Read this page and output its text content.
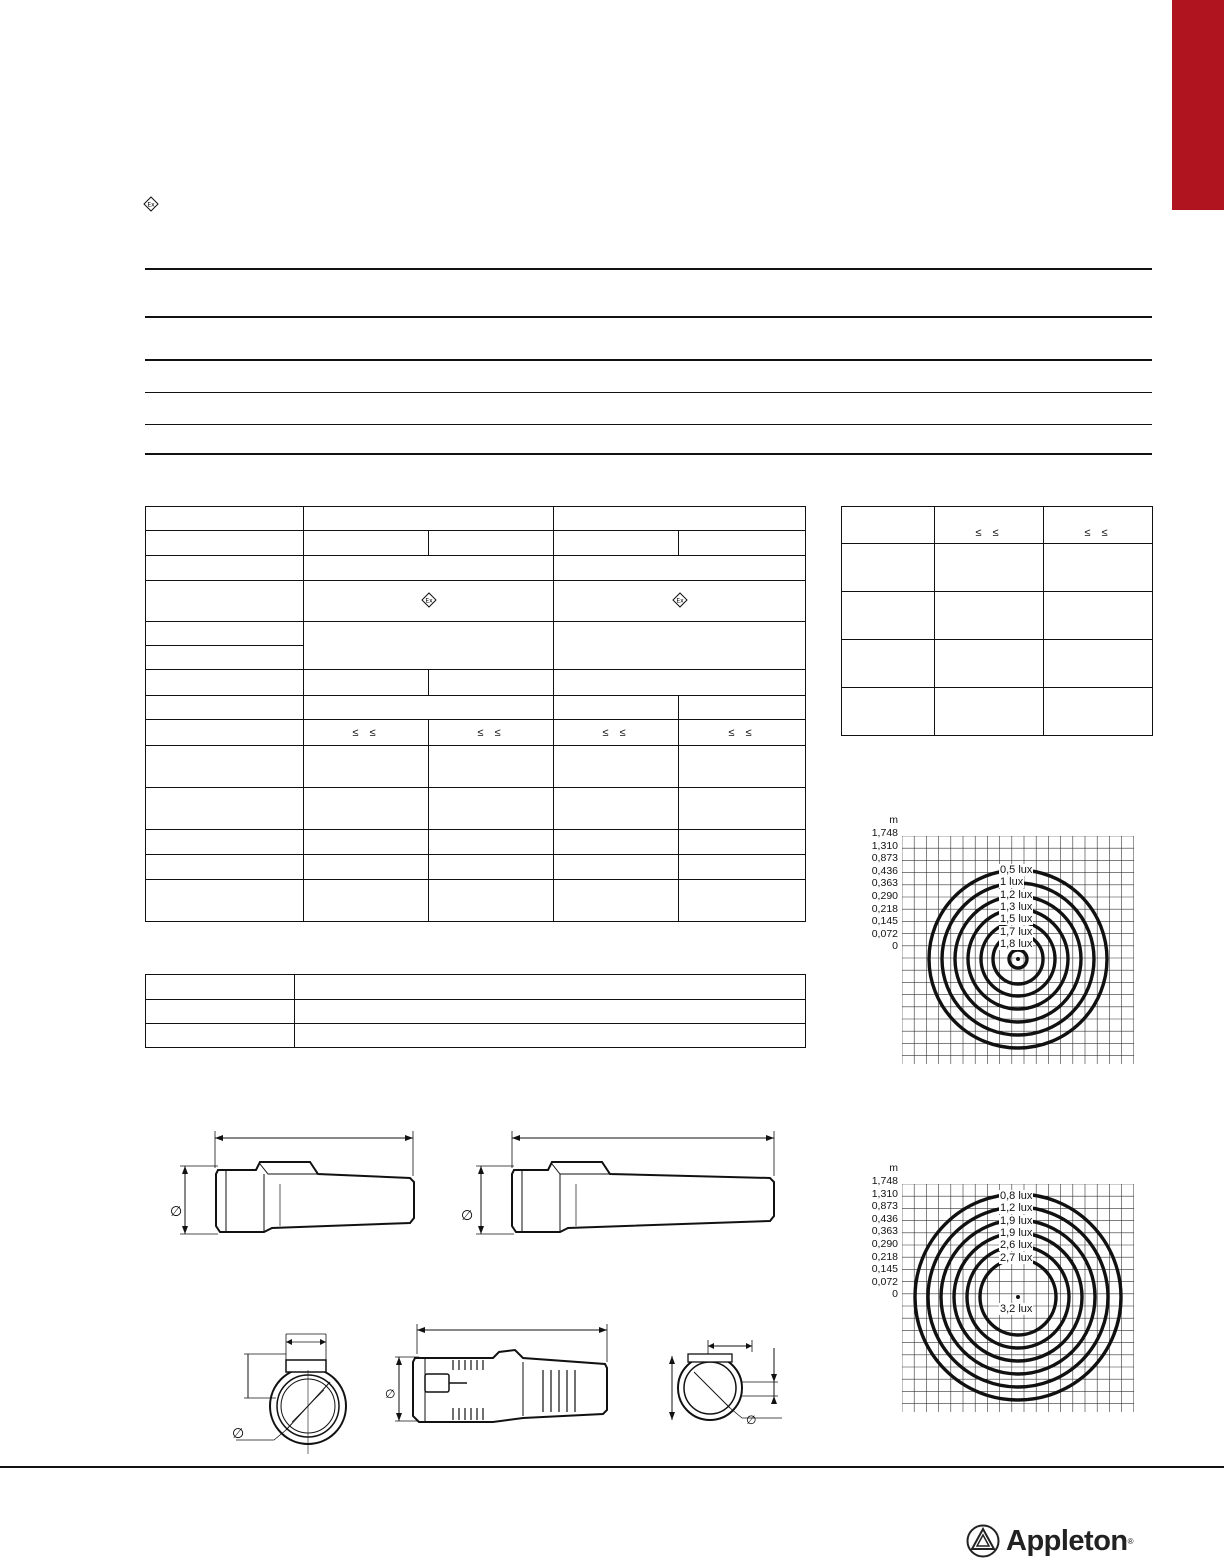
Ex

Ex		Ex	

	≤ ≤	≤ ≤	≤ ≤	≤ ≤

	≤ ≤	≤ ≤

m
1,748
1,310
0,873
0,436
0,363
0,290
0,218
0,145
0,072
0
0,5 lux
1 lux
1,2 lux
1,3 lux
1,5 lux
1,7 lux
1,8 lux
m
1,748
1,310
0,873
0,436
0,363
0,290
0,218
0,145
0,072
0
0,8 lux
1,2 lux
1,9 lux
1,9 lux
2,6 lux
2,7 lux
3,2 lux
∅	∅
∅
∅
∅
Appleton ®
